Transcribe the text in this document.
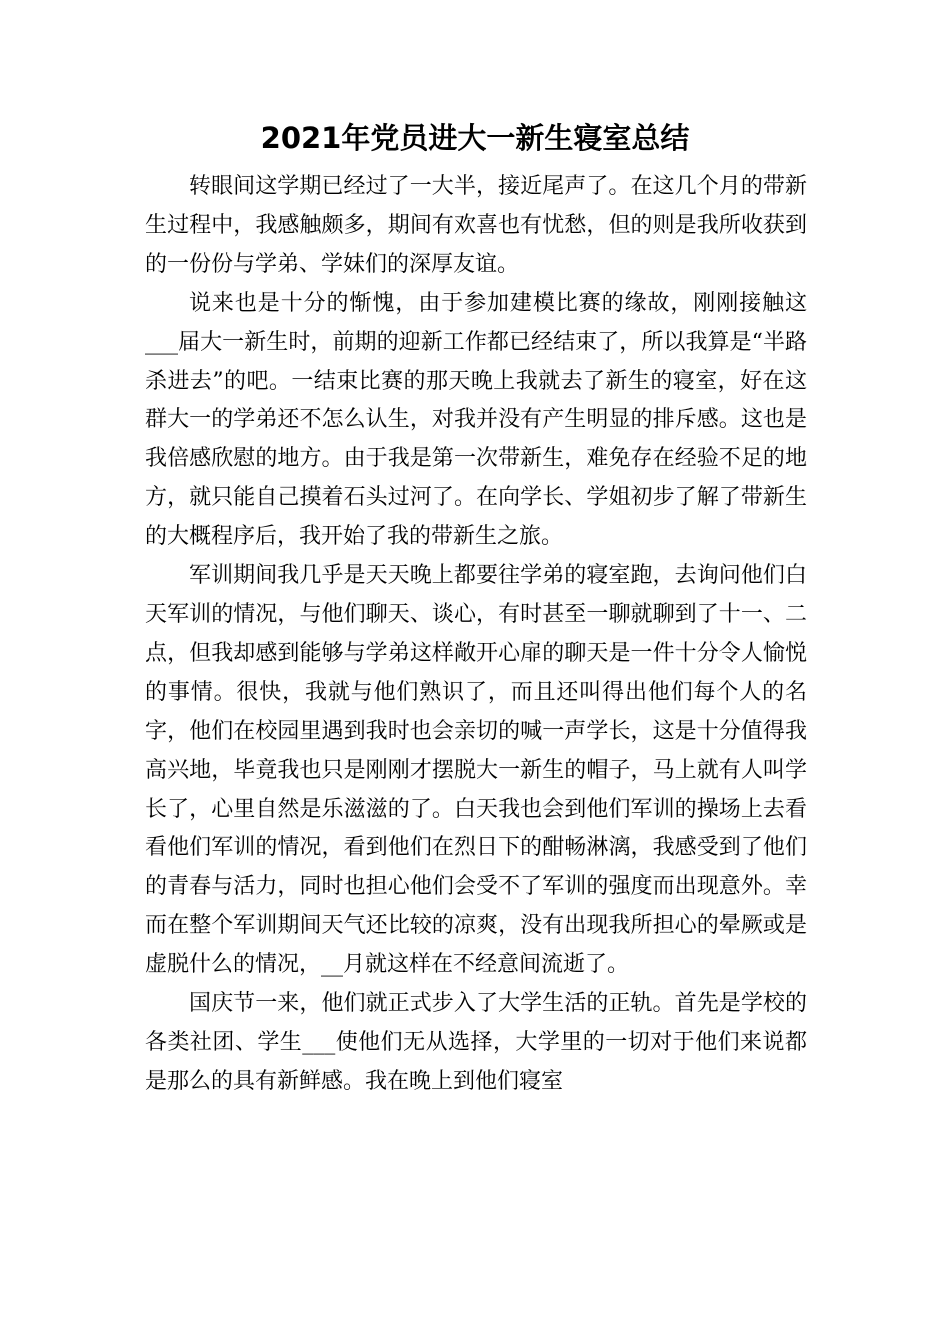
2021年党员进大一新生寝室总结

转眼间这学期已经过了一大半，接近尾声了。在这几个月的带新生过程中，我感触颇多，期间有欢喜也有忧愁，但的则是我所收获到的一份份与学弟、学妹们的深厚友谊。

说来也是十分的惭愧，由于参加建模比赛的缘故，刚刚接触这___届大一新生时，前期的迎新工作都已经结束了，所以我算是“半路杀进去”的吧。一结束比赛的那天晚上我就去了新生的寝室，好在这群大一的学弟还不怎么认生，对我并没有产生明显的排斥感。这也是我倍感欣慰的地方。由于我是第一次带新生，难免存在经验不足的地方，就只能自己摸着石头过河了。在向学长、学姐初步了解了带新生的大概程序后，我开始了我的带新生之旅。

军训期间我几乎是天天晚上都要往学弟的寝室跑，去询问他们白天军训的情况，与他们聊天、谈心，有时甚至一聊就聊到了十一、二点，但我却感到能够与学弟这样敞开心扉的聊天是一件十分令人愉悦的事情。很快，我就与他们熟识了，而且还叫得出他们每个人的名字，他们在校园里遇到我时也会亲切的喊一声学长，这是十分值得我高兴地，毕竟我也只是刚刚才摆脱大一新生的帽子，马上就有人叫学长了，心里自然是乐滋滋的了。白天我也会到他们军训的操场上去看看他们军训的情况，看到他们在烈日下的酣畅淋漓，我感受到了他们的青春与活力，同时也担心他们会受不了军训的强度而出现意外。幸而在整个军训期间天气还比较的凉爽，没有出现我所担心的晕厥或是虚脱什么的情况，__月就这样在不经意间流逝了。

国庆节一来，他们就正式步入了大学生活的正轨。首先是学校的各类社团、学生___使他们无从选择，大学里的一切对于他们来说都是那么的具有新鲜感。我在晚上到他们寝室
